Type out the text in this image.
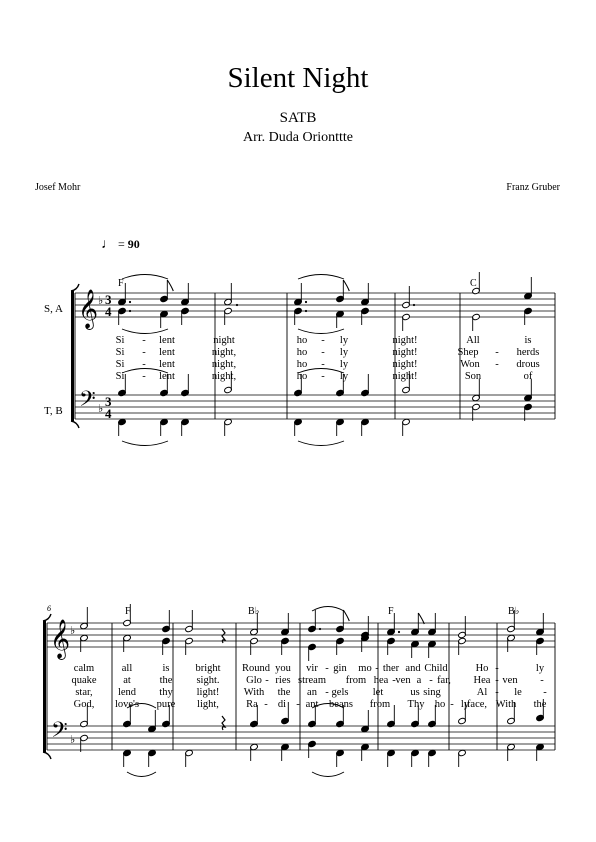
Silent Night
SATB
Arr. Duda Orionttte
Josef Mohr	Franz Gruber
♩ = 90
S, A
T, B
𝄞
𝄢
♭
♭
3
4
3
4
F	C
Si - lent	night	ho - ly	night!	All	is
Si - lent	night,	ho - ly	night!	Shep - herds
Si - lent	night,	ho - ly	night!	Won - drous
Si - lent	night,	ho - ly	night!	Son	of
6
𝄞
𝄢
♭
♭
F	B♭	F	B♭
calm	all	is bright Round you vir - gin mo - ther and Child	Ho -	ly
quake	at	the sight.	Glo - ries stream from hea - ven a - far, Hea - ven -
star, lend thy light! With the an - gels let	us sing	Al - le -
God, love's pure light,	Ra - di - ant beans from Thy ho - ly
face, With the
